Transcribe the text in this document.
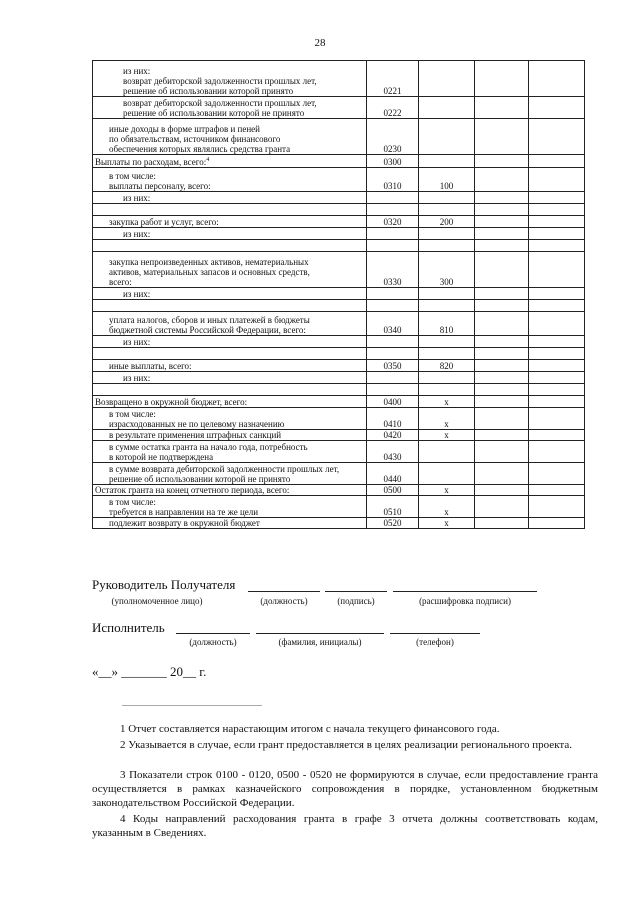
28
из них:
возврат дебиторской задолженности прошлых лет,
решение об использовании которой принято	0221			
возврат дебиторской задолженности прошлых лет,
решение об использовании которой не принято	0222			
иные доходы в форме штрафов и пеней
по обязательствам, источником финансового
обеспечения которых являлись средства гранта	0230			
Выплаты по расходам, всего:$^4$	0300			
в том числе:
выплаты персоналу, всего:	0310	100		
из них:				

закупка работ и услуг, всего:	0320	200		
из них:				

закупка непроизведенных активов, нематериальных
активов, материальных запасов и основных средств,
всего:	0330	300		
из них:				

уплата налогов, сборов и иных платежей в бюджеты
бюджетной системы Российской Федерации, всего:	0340	810		
из них:				

иные выплаты, всего:	0350	820		
из них:				

Возвращено в окружной бюджет, всего:	0400	x		
в том числе:
израсходованных не по целевому назначению	0410	x		
в результате применения штрафных санкций	0420	x		
в сумме остатка гранта на начало года, потребность
в которой не подтверждена	0430			
в сумме возврата дебиторской задолженности прошлых лет,
решение об использовании которой не принято	0440			
Остаток гранта на конец отчетного периода, всего:	0500	x		
в том числе:
требуется в направлении на те же цели	0510	x		
подлежит возврату в окружной бюджет	0520	x		
Руководитель Получателя
(уполномоченное лицо)	(должность)	(подпись)	(расшифровка подписи)
Исполнитель
(должность)	(фамилия, инициалы)	(телефон)
«__» _______ 20__ г.
1 Отчет составляется нарастающим итогом с начала текущего финансового года.
2 Указывается в случае, если грант предоставляется в целях реализации регионального проекта.
3 Показатели строк 0100 - 0120, 0500 - 0520 не формируются в случае, если предоставление гранта осуществляется в рамках казначейского сопровождения в порядке, установленном бюджетным законодательством Российской Федерации.
4 Коды направлений расходования гранта в графе 3 отчета должны соответствовать кодам, указанным в Сведениях.
